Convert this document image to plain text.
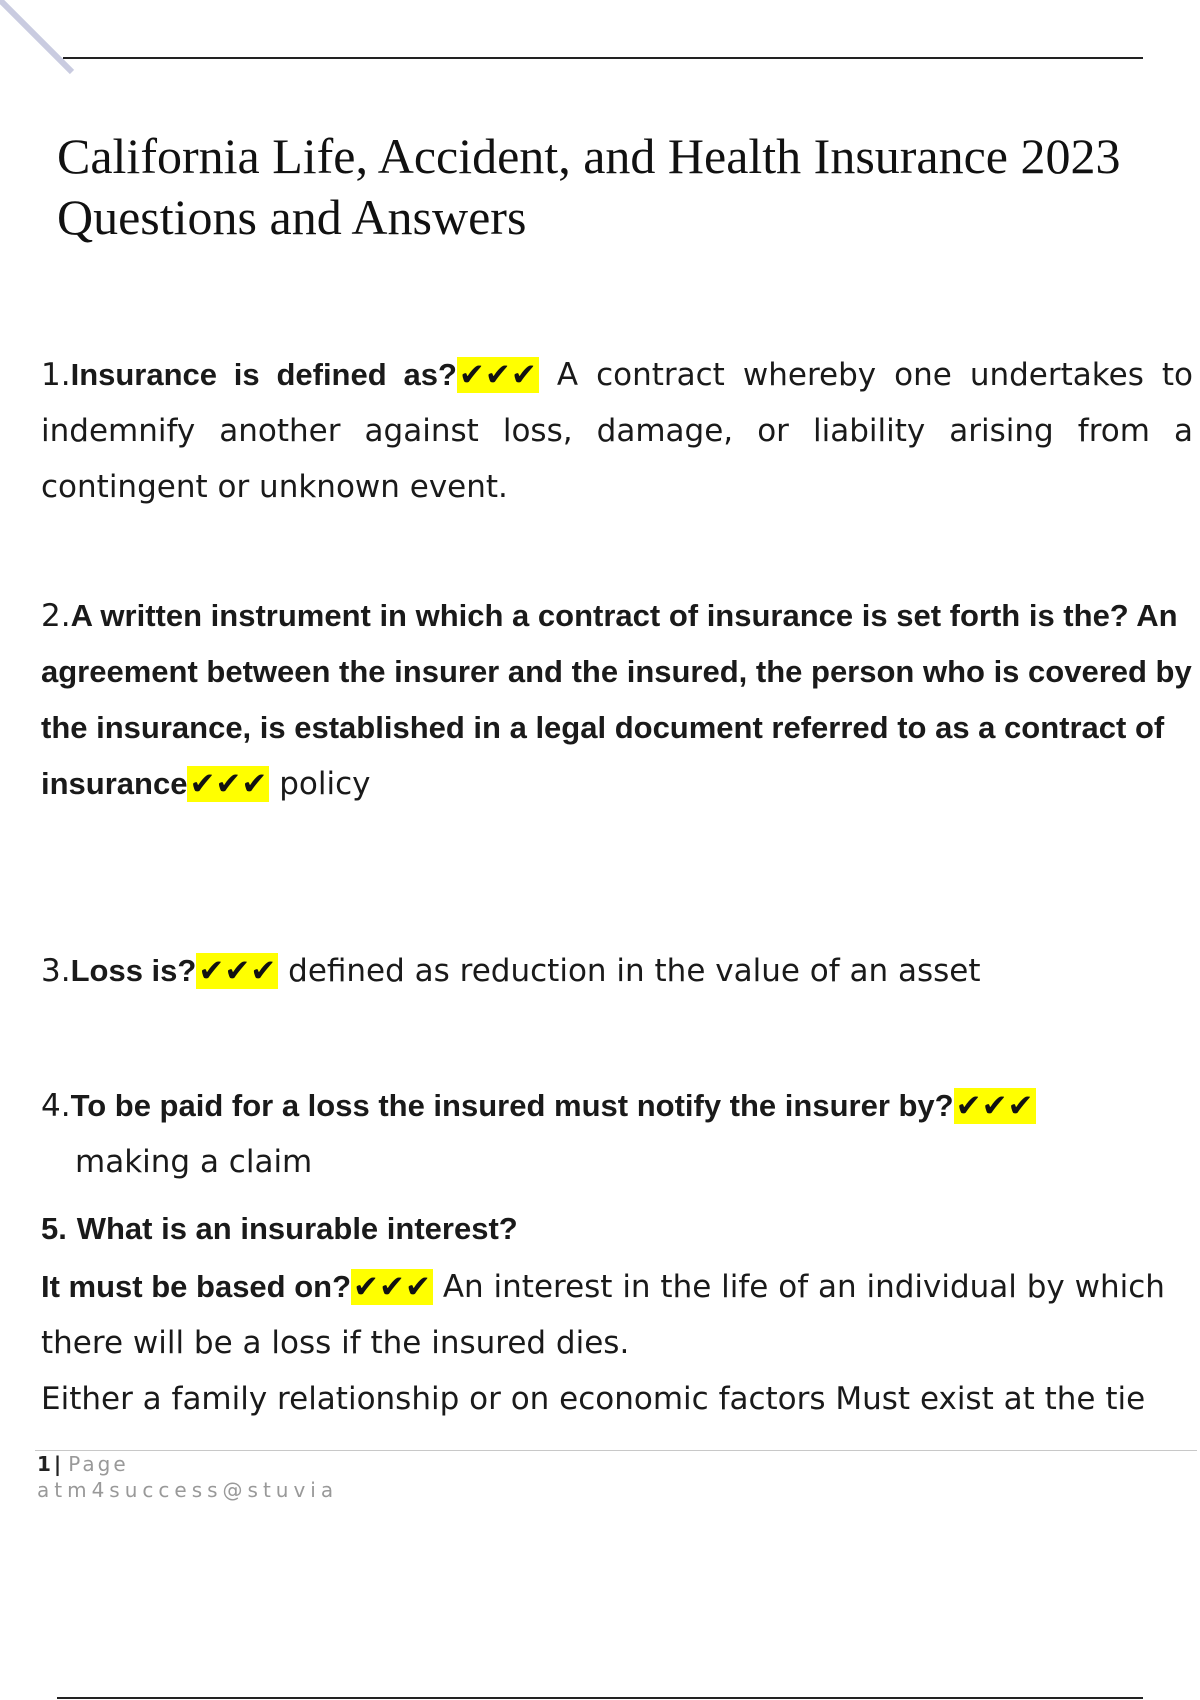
California Life, Accident, and Health Insurance 2023 Questions and Answers

1.Insurance is defined as?✔✔✔ A contract whereby one undertakes to indemnify another against loss, damage, or liability arising from a contingent or unknown event.

2.A written instrument in which a contract of insurance is set forth is the? An agreement between the insurer and the insured, the person who is covered by the insurance, is established in a legal document referred to as a contract of insurance✔✔✔ policy

3.Loss is?✔✔✔ defined as reduction in the value of an asset

4.To be paid for a loss the insured must notify the insurer by?✔✔✔
making a claim

5. What is an insurable interest?

It must be based on?✔✔✔ An interest in the life of an individual by which there will be a loss if the insured dies.
Either a family relationship or on economic factors Must exist at the tie

1 | Page
atm4success@stuvia
